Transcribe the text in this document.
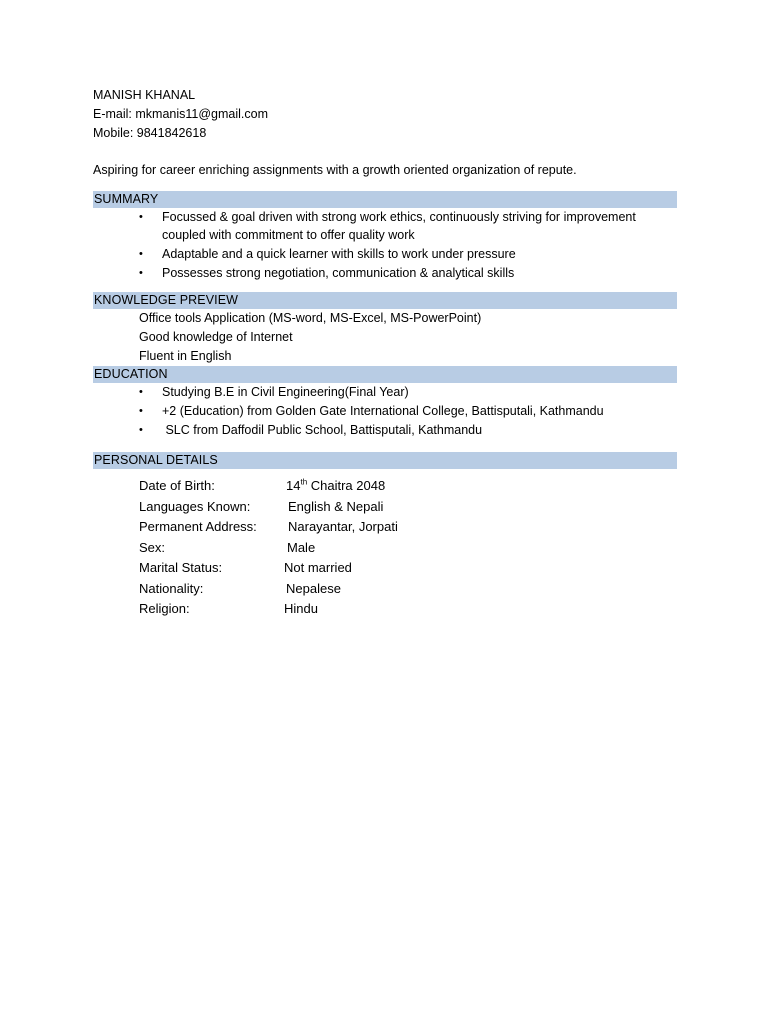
MANISH KHANAL
E-mail: mkmanis11@gmail.com
Mobile: 9841842618
Aspiring for career enriching assignments with a growth oriented organization of repute.
SUMMARY
• Focussed & goal driven with strong work ethics, continuously striving for improvement
coupled with commitment to offer quality work
• Adaptable and a quick learner with skills to work under pressure
• Possesses strong negotiation, communication & analytical skills
KNOWLEDGE PREVIEW
Office tools Application (MS-word, MS-Excel, MS-PowerPoint)
Good knowledge of Internet
Fluent in English
EDUCATION
• Studying B.E in Civil Engineering(Final Year)
• +2 (Education) from Golden Gate International College, Battisputali, Kathmandu
• SLC from Daffodil Public School, Battisputali, Kathmandu
PERSONAL DETAILS
Date of Birth:	14th Chaitra 2048
Languages Known:	English & Nepali
Permanent Address: Narayantar, Jorpati
Sex:	Male
Marital Status:	Not married
Nationality:	Nepalese
Religion:	Hindu
